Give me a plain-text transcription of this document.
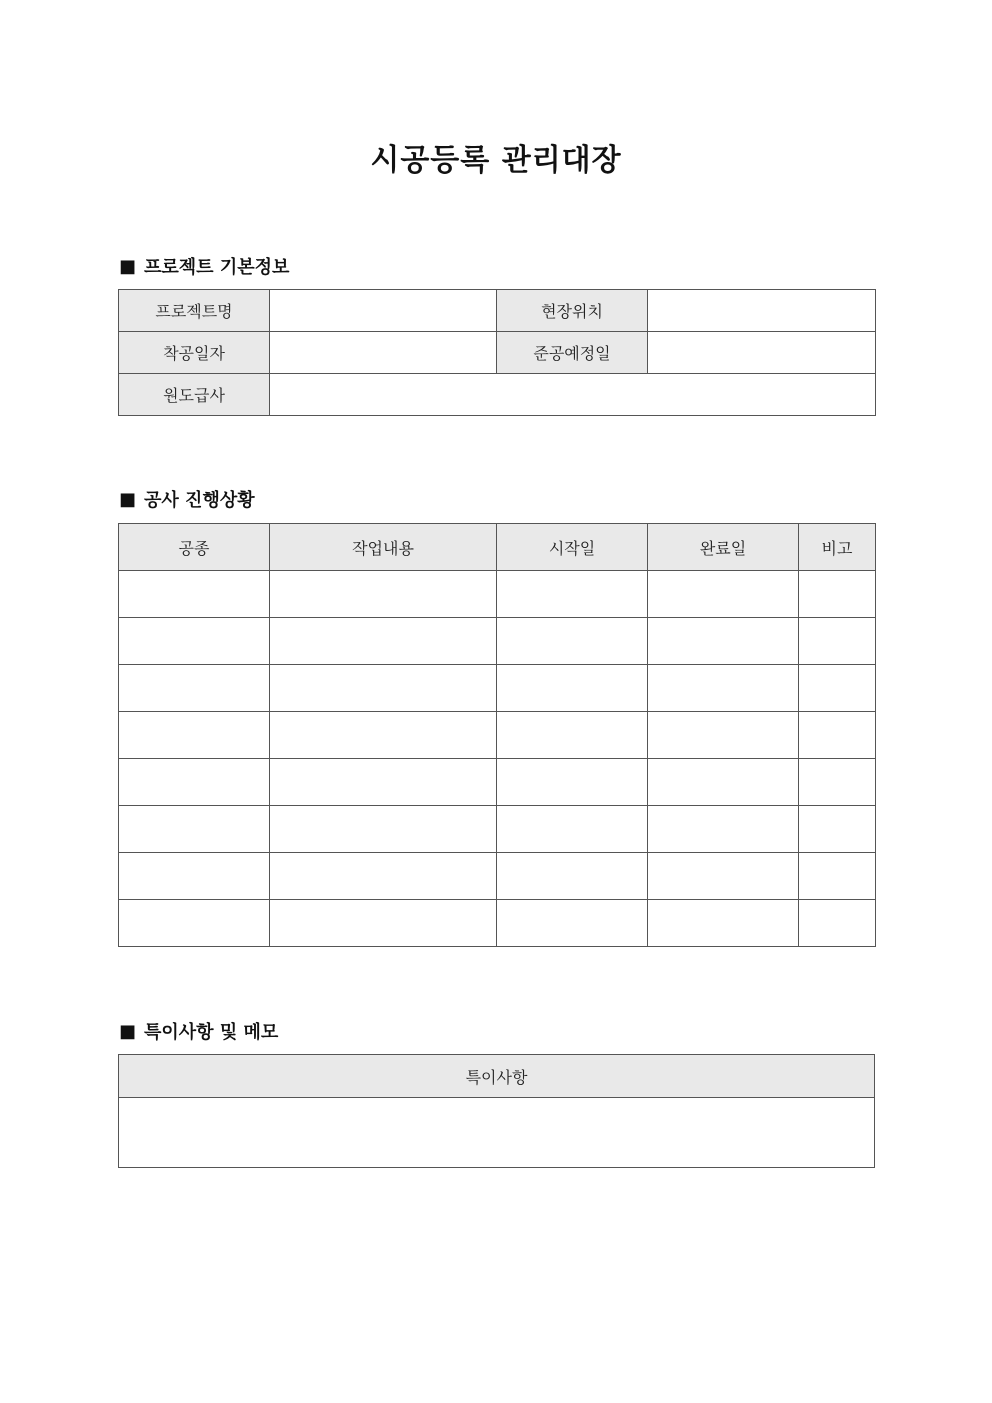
시공등록 관리대장
■ 프로젝트 기본정보
프로젝트명		현장위치	
착공일자		준공예정일	
원도급사			
■ 공사 진행상황
공종	작업내용	시작일	완료일	비고

■ 특이사항 및 메모
특이사항
